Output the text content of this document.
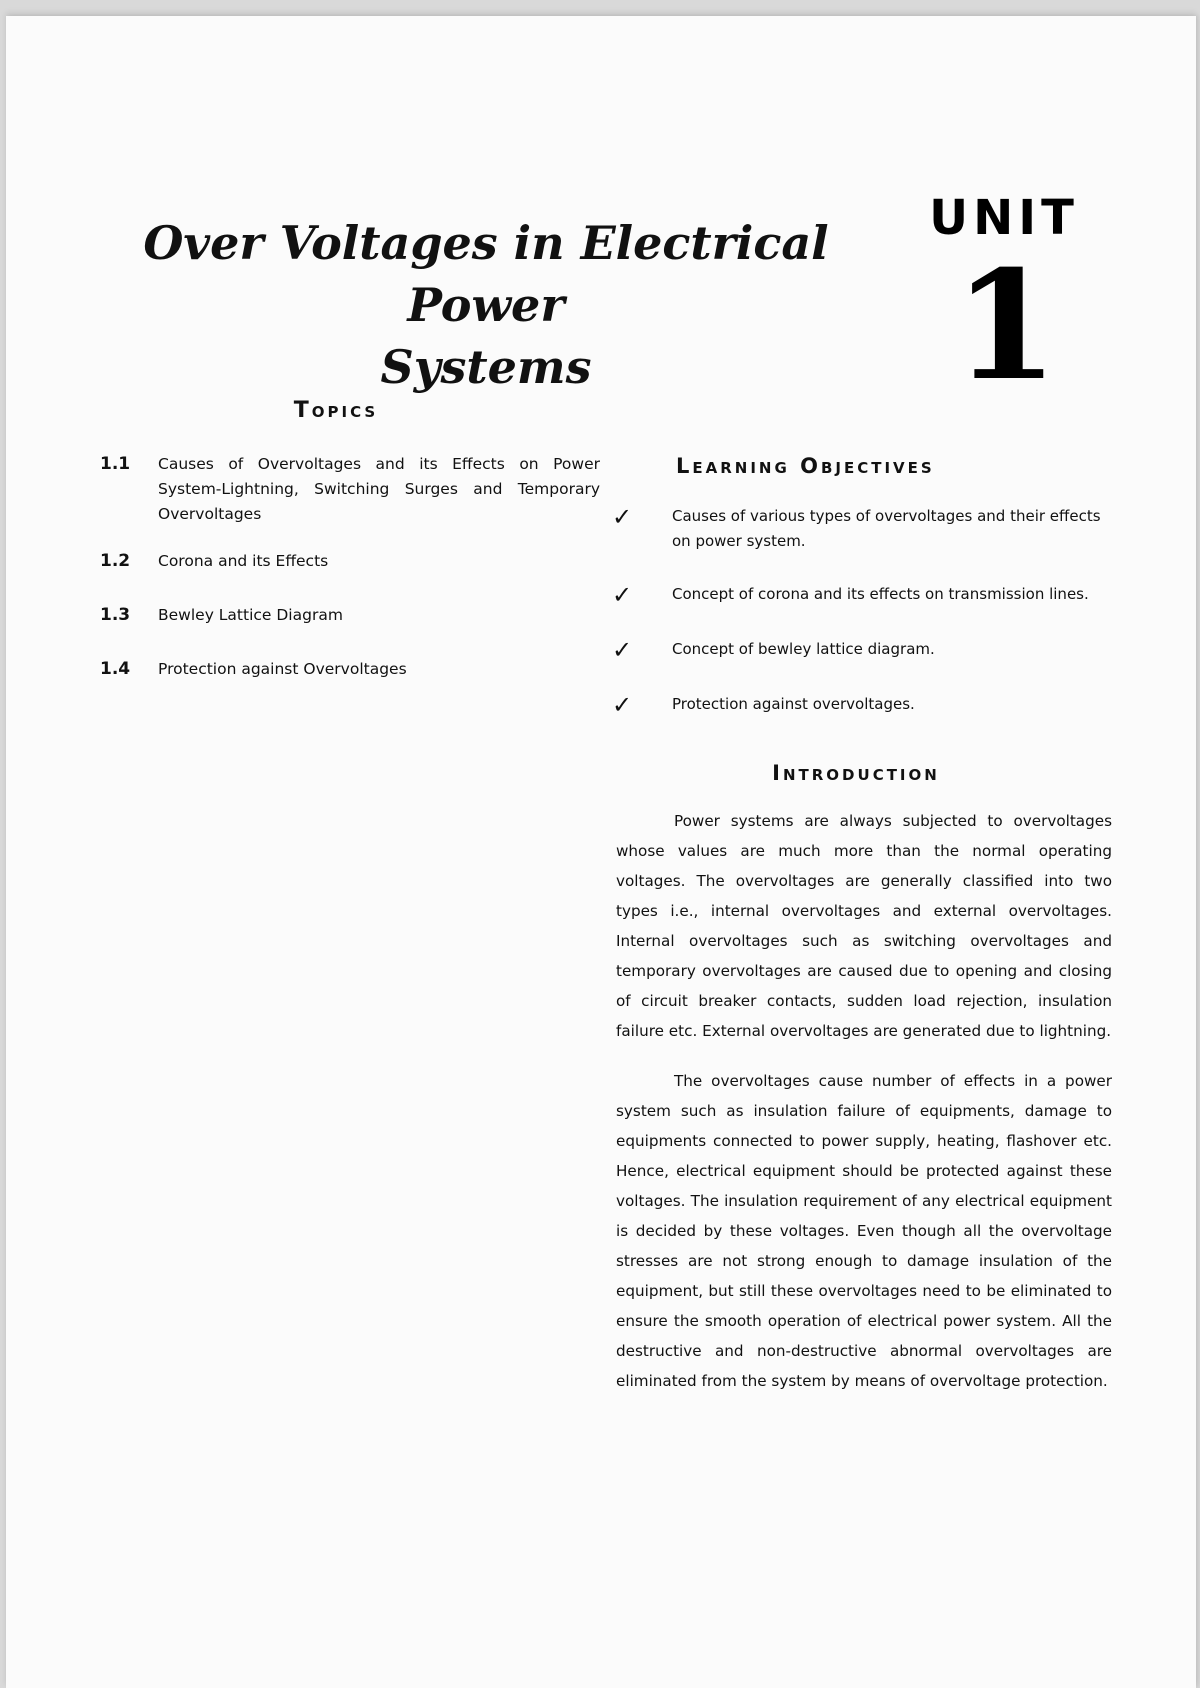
Over Voltages in Electrical Power
Systems
UNIT
1
Topics
1.1 Causes of Overvoltages and its Effects on Power System-Lightning, Switching Surges and Temporary Overvoltages
1.2 Corona and its Effects
1.3 Bewley Lattice Diagram
1.4 Protection against Overvoltages
Learning Objectives
✓	Causes of various types of overvoltages and their effects on power system.
✓	Concept of corona and its effects on transmission lines.
✓	Concept of bewley lattice diagram.
✓	Protection against overvoltages.
Introduction

Power systems are always subjected to overvoltages whose values are much more than the normal operating voltages. The overvoltages are generally classified into two types i.e., internal overvoltages and external overvoltages. Internal overvoltages such as switching overvoltages and temporary overvoltages are caused due to opening and closing of circuit breaker contacts, sudden load rejection, insulation failure etc. External overvoltages are generated due to lightning.

The overvoltages cause number of effects in a power system such as insulation failure of equipments, damage to equipments connected to power supply, heating, flashover etc. Hence, electrical equipment should be protected against these voltages. The insulation requirement of any electrical equipment is decided by these voltages. Even though all the overvoltage stresses are not strong enough to damage insulation of the equipment, but still these overvoltages need to be eliminated to ensure the smooth operation of electrical power system. All the destructive and non-destructive abnormal overvoltages are eliminated from the system by means of overvoltage protection.
